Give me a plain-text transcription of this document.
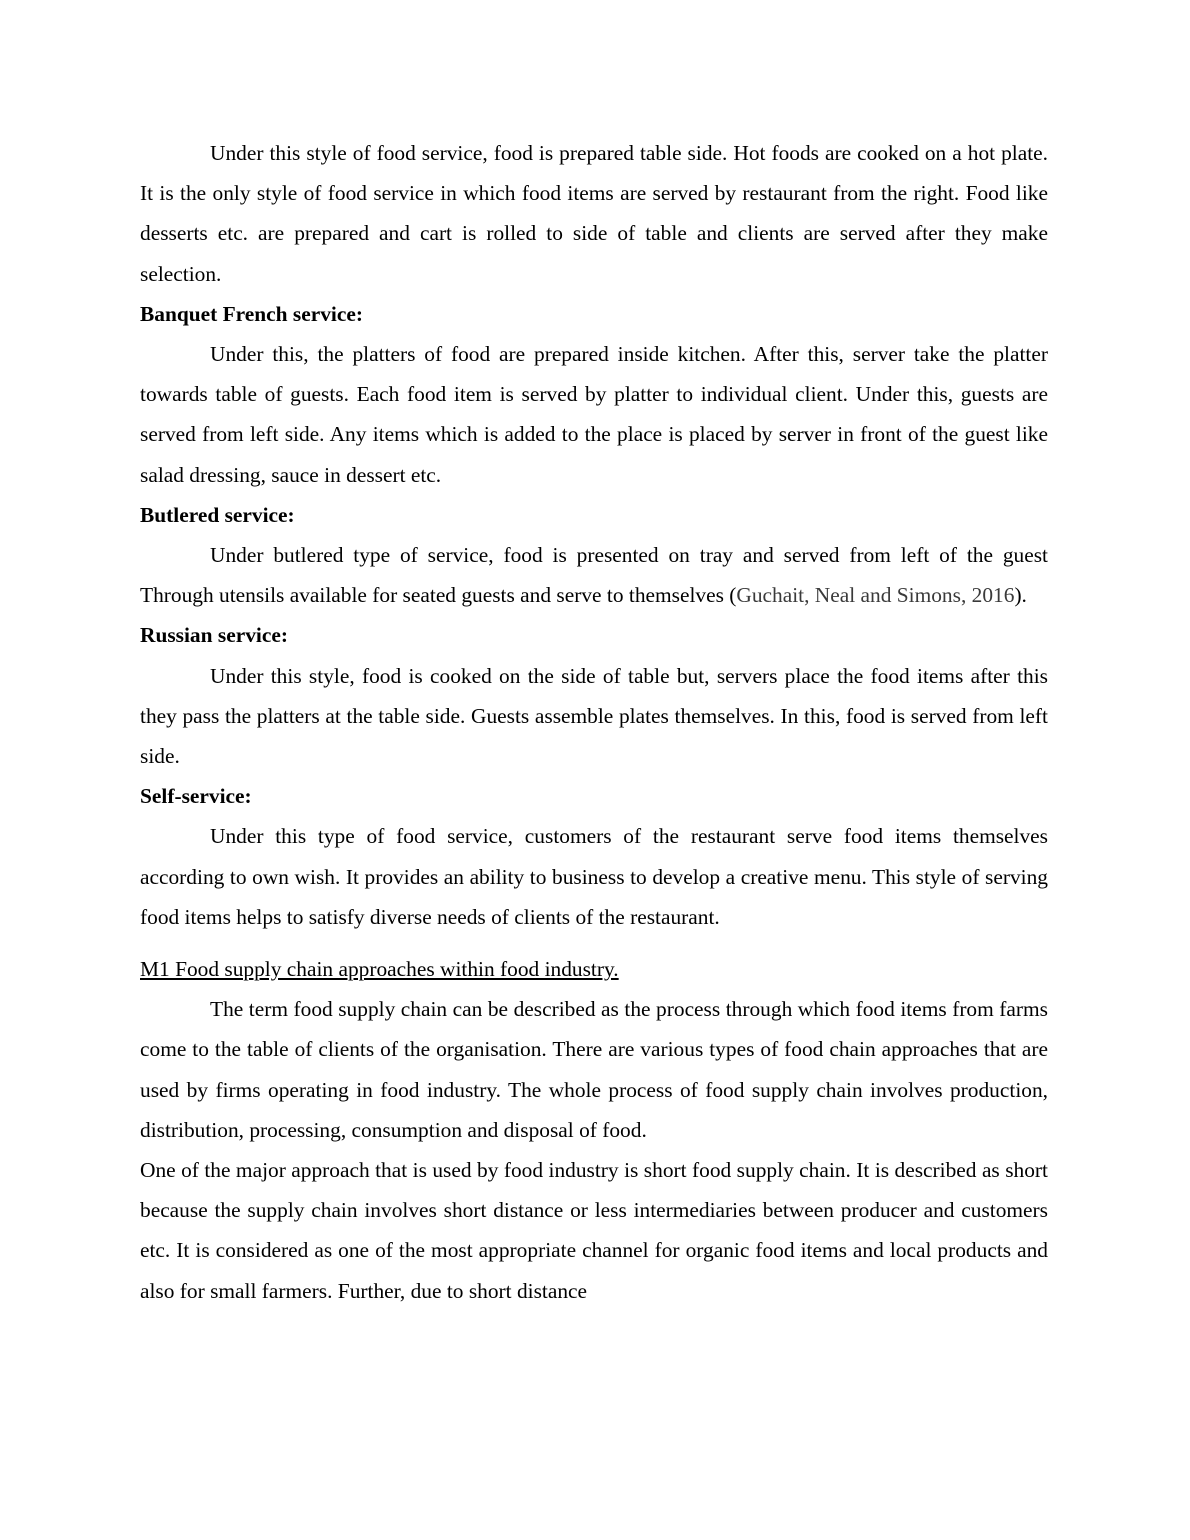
Under this style of food service, food is prepared table side. Hot foods are cooked on a hot plate. It is the only style of food service in which food items are served by restaurant from the right. Food like desserts etc. are prepared and cart is rolled to side of table and clients are served after they make selection.

Banquet French service:

Under this, the platters of food are prepared inside kitchen. After this, server take the platter towards table of guests. Each food item is served by platter to individual client. Under this, guests are served from left side. Any items which is added to the place is placed by server in front of the guest like salad dressing, sauce in dessert etc.

Butlered service:

Under butlered type of service, food is presented on tray and served from left of the guest Through utensils available for seated guests and serve to themselves (Guchait, Neal and Simons, 2016).

Russian service:

Under this style, food is cooked on the side of table but, servers place the food items after this they pass the platters at the table side. Guests assemble plates themselves. In this, food is served from left side.

Self-service:

Under this type of food service, customers of the restaurant serve food items themselves according to own wish. It provides an ability to business to develop a creative menu. This style of serving food items helps to satisfy diverse needs of clients of the restaurant.

M1 Food supply chain approaches within food industry.

The term food supply chain can be described as the process through which food items from farms come to the table of clients of the organisation. There are various types of food chain approaches that are used by firms operating in food industry. The whole process of food supply chain involves production, distribution, processing, consumption and disposal of food.

One of the major approach that is used by food industry is short food supply chain. It is described as short because the supply chain involves short distance or less intermediaries between producer and customers etc. It is considered as one of the most appropriate channel for organic food items and local products and also for small farmers. Further, due to short distance
